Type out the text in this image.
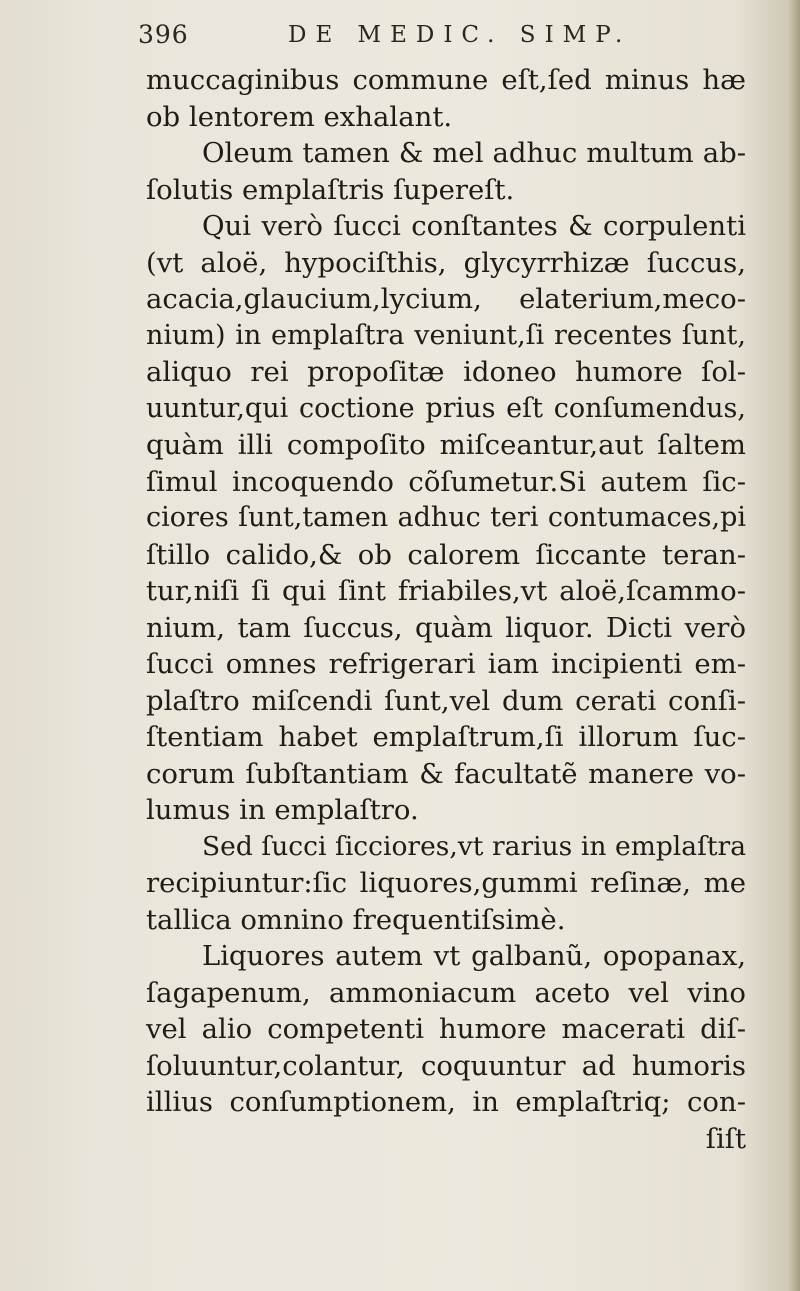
396	DE MEDIC. SIMP.
muccaginibus commune eſt,ſed minus hæ
ob lentorem exhalant.
Oleum tamen & mel adhuc multum ab-
ſolutis emplaſtris ſupereſt.
Qui verò ſucci conſtantes & corpulenti
(vt aloë, hypociſthis, glycyrrhizæ ſuccus,
acacia,glaucium,lycium, elaterium,meco-
nium) in emplaſtra veniunt,ſi recentes ſunt,
aliquo rei propoſitæ idoneo humore ſol-
uuntur,qui coctione prius eſt conſumendus,
quàm illi compoſito miſceantur,aut ſaltem
ſimul incoquendo cõſumetur.Si autem ſic-
ciores ſunt,tamen adhuc teri contumaces,pi
ſtillo calido,& ob calorem ſiccante teran-
tur,niſi ſi qui ſint friabiles,vt aloë,ſcammo-
nium, tam ſuccus, quàm liquor. Dicti verò
ſucci omnes refrigerari iam incipienti em-
plaſtro miſcendi ſunt,vel dum cerati conſi-
ſtentiam habet emplaſtrum,ſi illorum ſuc-
corum ſubſtantiam & facultatẽ manere vo-
lumus in emplaſtro.
Sed ſucci ſicciores,vt rarius in emplaſtra
recipiuntur:ſic liquores,gummi reſinæ, me
tallica omnino frequentiſsimè.
Liquores autem vt galbanũ, opopanax,
ſagapenum, ammoniacum aceto vel vino
vel alio competenti humore macerati diſ-
ſoluuntur,colantur, coquuntur ad humoris
illius conſumptionem, in emplaſtriq; con-
ſiſt
